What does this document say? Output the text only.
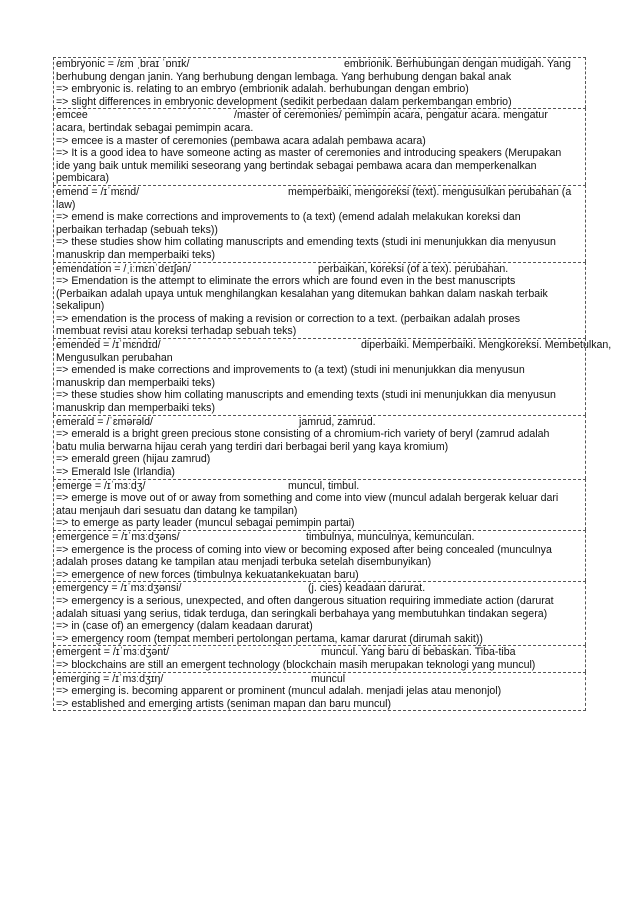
embryonic = /ɛm ˌbraɪ ˈɒnɪk/	embrionik. Berhubungan dengan mudigah. Yang
berhubung dengan janin. Yang berhubung dengan lembaga. Yang berhubung dengan bakal anak
=> embryonic is. relating to an embryo (embrionik adalah. berhubungan dengan embrio)
=> slight differences in embryonic development (sedikit perbedaan dalam perkembangan embrio)
emcee	/master of ceremonies/ pemimpin acara, pengatur acara. mengatur
acara, bertindak sebagai pemimpin acara.
=> emcee is a master of ceremonies (pembawa acara adalah pembawa acara)
=> It is a good idea to have someone acting as master of ceremonies and introducing speakers (Merupakan
ide yang baik untuk memiliki seseorang yang bertindak sebagai pembawa acara dan memperkenalkan
pembicara)
emend = /ɪˈmɛnd/	memperbaiki, mengoreksi (text). mengusulkan perubahan (a
law)
=> emend is make corrections and improvements to (a text) (emend adalah melakukan koreksi dan
perbaikan terhadap (sebuah teks))
=> these studies show him collating manuscripts and emending texts (studi ini menunjukkan dia menyusun
manuskrip dan memperbaiki teks)
emendation = /ˌiːmɛnˈdeɪʃən/	perbaikan, koreksi (of a tex). perubahan.
=> Emendation is the attempt to eliminate the errors which are found even in the best manuscripts
(Perbaikan adalah upaya untuk menghilangkan kesalahan yang ditemukan bahkan dalam naskah terbaik
sekalipun)
=> emendation is the process of making a revision or correction to a text. (perbaikan adalah proses
membuat revisi atau koreksi terhadap sebuah teks)
emended = /ɪˈmɛndɪd/	diperbaiki. Memperbaiki. Mengkoreksi. Membetulkan,
Mengusulkan perubahan
=> emended is make corrections and improvements to (a text) (studi ini menunjukkan dia menyusun
manuskrip dan memperbaiki teks)
=> these studies show him collating manuscripts and emending texts (studi ini menunjukkan dia menyusun
manuskrip dan memperbaiki teks)
emerald = /ˈɛmərəld/	jamrud, zamrud.
=> emerald is a bright green precious stone consisting of a chromium-rich variety of beryl (zamrud adalah
batu mulia berwarna hijau cerah yang terdiri dari berbagai beril yang kaya kromium)
=> emerald green (hijau zamrud)
=> Emerald Isle (Irlandia)
emerge = /ɪˈmɜːdʒ/	muncul, timbul.
=> emerge is move out of or away from something and come into view (muncul adalah bergerak keluar dari
atau menjauh dari sesuatu dan datang ke tampilan)
=> to emerge as party leader (muncul sebagai pemimpin partai)
emergence = /ɪˈmɜːdʒəns/	timbulnya, munculnya, kemunculan.
=> emergence is the process of coming into view or becoming exposed after being concealed (munculnya
adalah proses datang ke tampilan atau menjadi terbuka setelah disembunyikan)
=> emergence of new forces (timbulnya kekuatankekuatan baru)
emergency = /ɪˈmɜːdʒənsi/	(j. cies) keadaan darurat.
=> emergency is a serious, unexpected, and often dangerous situation requiring immediate action (darurat
adalah situasi yang serius, tidak terduga, dan seringkali berbahaya yang membutuhkan tindakan segera)
=> in (case of) an emergency (dalam keadaan darurat)
=> emergency room (tempat memberi pertolongan pertama, kamar darurat (dirumah sakit))
emergent = /ɪˈmɜːdʒənt/	muncul. Yang baru di bebaskan. Tiba-tiba
=> blockchains are still an emergent technology (blockchain masih merupakan teknologi yang muncul)
emerging = /ɪˈmɜːdʒɪŋ/	muncul
=> emerging is. becoming apparent or prominent (muncul adalah. menjadi jelas atau menonjol)
=> established and emerging artists (seniman mapan dan baru muncul)
